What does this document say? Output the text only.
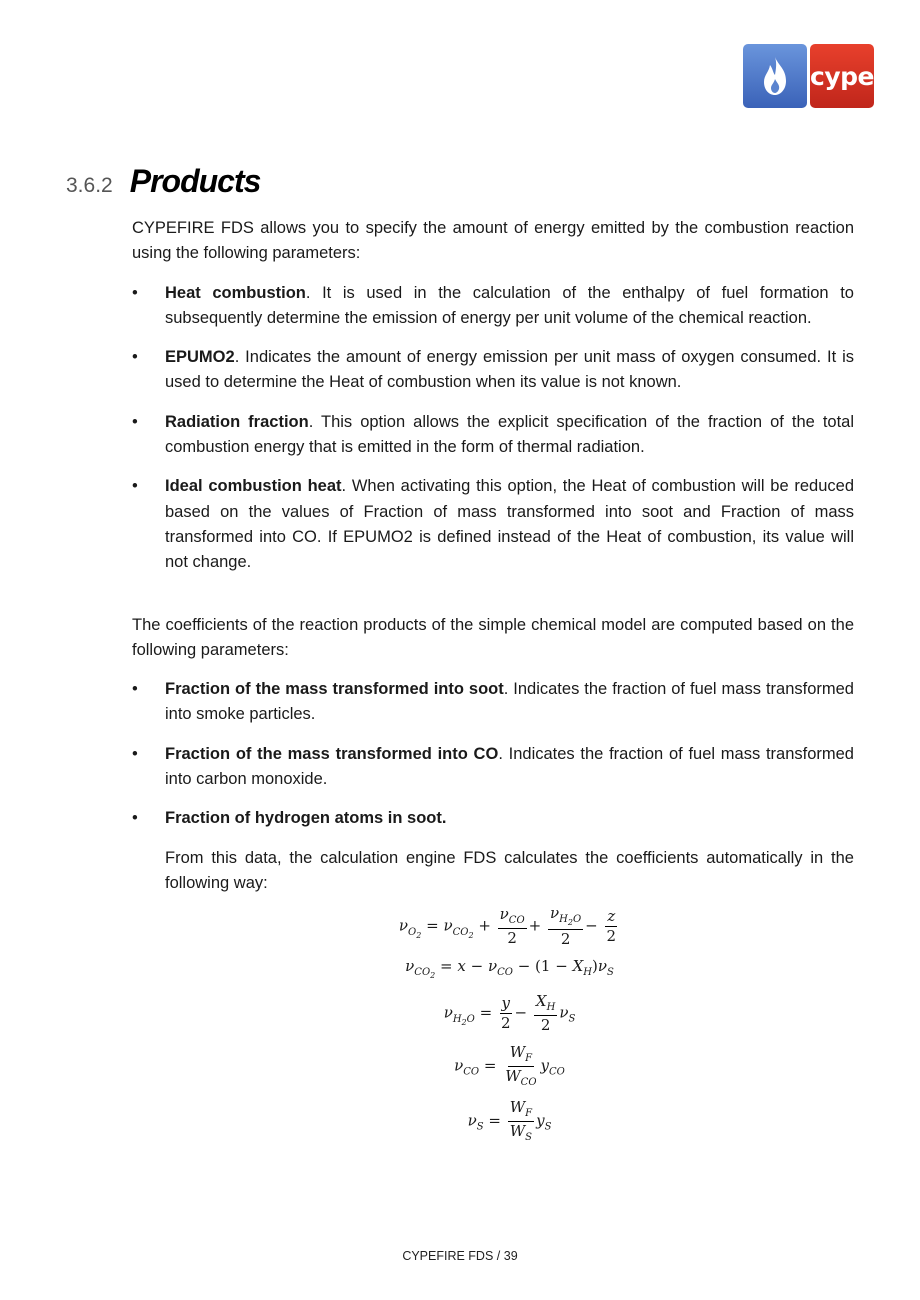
cype
3.6.2 Products

CYPEFIRE FDS allows you to specify the amount of energy emitted by the combustion reaction using the following parameters:

• Heat combustion. It is used in the calculation of the enthalpy of fuel formation to subsequently determine the emission of energy per unit volume of the chemical reaction.
• EPUMO2. Indicates the amount of energy emission per unit mass of oxygen consumed. It is used to determine the Heat of combustion when its value is not known.
• Radiation fraction. This option allows the explicit specification of the fraction of the total combustion energy that is emitted in the form of thermal radiation.
• Ideal combustion heat. When activating this option, the Heat of combustion will be reduced based on the values of Fraction of mass transformed into soot and Fraction of mass transformed into CO. If EPUMO2 is defined instead of the Heat of combustion, its value will not change.

The coefficients of the reaction products of the simple chemical model are computed based on the following parameters:

• Fraction of the mass transformed into soot. Indicates the fraction of fuel mass transformed into smoke particles.
• Fraction of the mass transformed into CO. Indicates the fraction of fuel mass transformed into carbon monoxide.
• Fraction of hydrogen atoms in soot.

From this data, the calculation engine FDS calculates the coefficients automatically in the following way:

$\nu_{O_2} = \nu_{CO_2} + \frac{\nu_{CO}}{2} + \frac{\nu_{H_2O}}{2} - \frac{z}{2}$
$\nu_{CO_2} = x - \nu_{CO} - (1 - X_H)\nu_S$
$\nu_{H_2O} = \frac{y}{2} - \frac{X_H}{2} \nu_S$
$\nu_{CO} = \frac{W_F}{W_{CO}} y_{CO}$
$\nu_S = \frac{W_F}{W_S} y_S$
CYPEFIRE FDS / 39
